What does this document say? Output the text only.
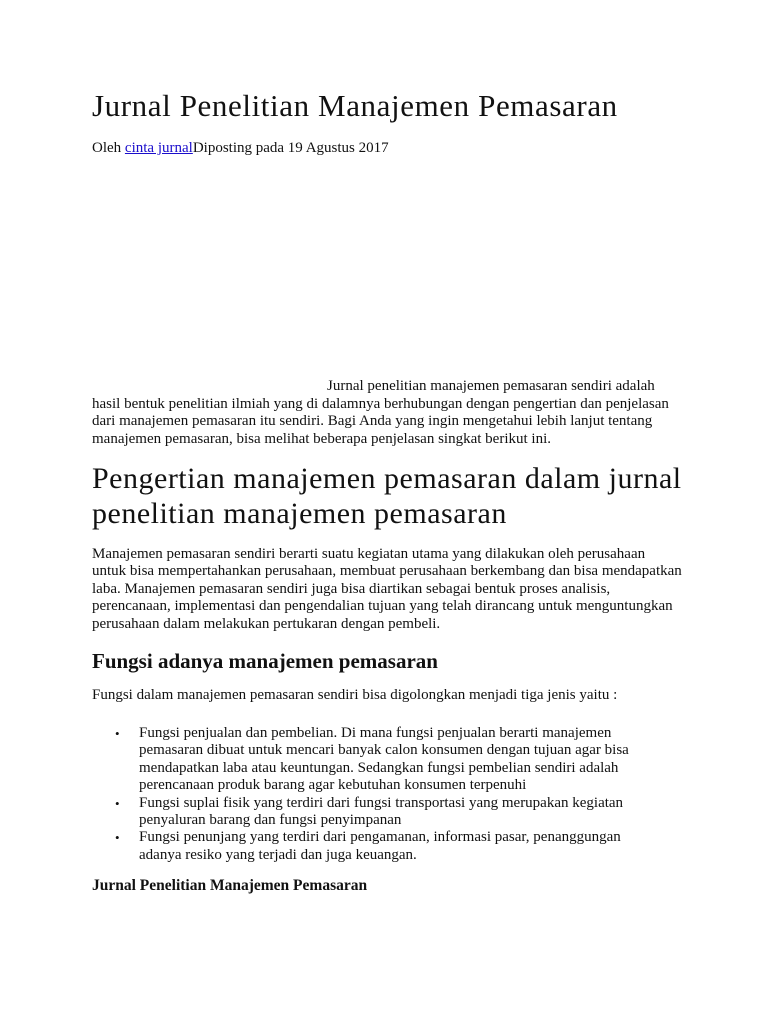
Jurnal Penelitian Manajemen Pemasaran

Oleh cinta jurnalDiposting pada 19 Agustus 2017

Jurnal penelitian manajemen pemasaran sendiri adalah hasil bentuk penelitian ilmiah yang di dalamnya berhubungan dengan pengertian dan penjelasan dari manajemen pemasaran itu sendiri. Bagi Anda yang ingin mengetahui lebih lanjut tentang manajemen pemasaran, bisa melihat beberapa penjelasan singkat berikut ini.

Pengertian manajemen pemasaran dalam jurnal penelitian manajemen pemasaran

Manajemen pemasaran sendiri berarti suatu kegiatan utama yang dilakukan oleh perusahaan untuk bisa mempertahankan perusahaan, membuat perusahaan berkembang dan bisa mendapatkan laba. Manajemen pemasaran sendiri juga bisa diartikan sebagai bentuk proses analisis, perencanaan, implementasi dan pengendalian tujuan yang telah dirancang untuk menguntungkan perusahaan dalam melakukan pertukaran dengan pembeli.

Fungsi adanya manajemen pemasaran

Fungsi dalam manajemen pemasaran sendiri bisa digolongkan menjadi tiga jenis yaitu :

• Fungsi penjualan dan pembelian. Di mana fungsi penjualan berarti manajemen pemasaran dibuat untuk mencari banyak calon konsumen dengan tujuan agar bisa mendapatkan laba atau keuntungan. Sedangkan fungsi pembelian sendiri adalah perencanaan produk barang agar kebutuhan konsumen terpenuhi
• Fungsi suplai fisik yang terdiri dari fungsi transportasi yang merupakan kegiatan penyaluran barang dan fungsi penyimpanan
• Fungsi penunjang yang terdiri dari pengamanan, informasi pasar, penanggungan adanya resiko yang terjadi dan juga keuangan.
Jurnal Penelitian Manajemen Pemasaran
